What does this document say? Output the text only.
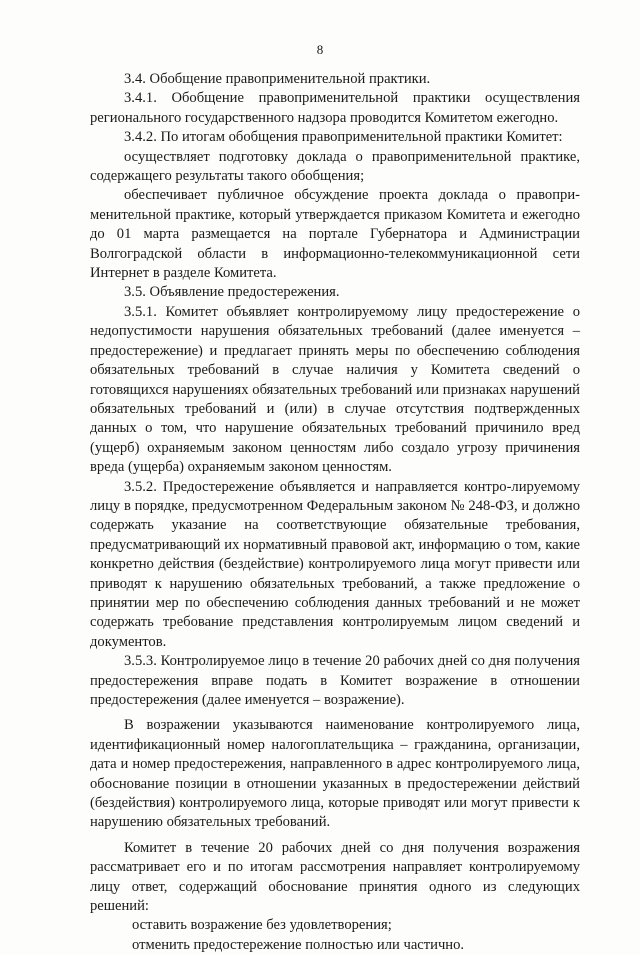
8

3.4. Обобщение правоприменительной практики.

3.4.1. Обобщение правоприменительной практики осуществления регионального государственного надзора проводится Комитетом ежегодно.

3.4.2. По итогам обобщения правоприменительной практики Комитет:

осуществляет подготовку доклада о правоприменительной практике, содержащего результаты такого обобщения;

обеспечивает публичное обсуждение проекта доклада о правопри-менительной практике, который утверждается приказом Комитета и ежегодно до 01 марта размещается на портале Губернатора и Администрации Волгоградской области в информационно-телекоммуникационной сети Интернет в разделе Комитета.

3.5. Объявление предостережения.

3.5.1. Комитет объявляет контролируемому лицу предостережение о недопустимости нарушения обязательных требований (далее именуется – предостережение) и предлагает принять меры по обеспечению соблюдения обязательных требований в случае наличия у Комитета сведений о готовящихся нарушениях обязательных требований или признаках нарушений обязательных требований и (или) в случае отсутствия подтвержденных данных о том, что нарушение обязательных требований причинило вред (ущерб) охраняемым законом ценностям либо создало угрозу причинения вреда (ущерба) охраняемым законом ценностям.

3.5.2. Предостережение объявляется и направляется контро-лируемому лицу в порядке, предусмотренном Федеральным законом № 248-ФЗ, и должно содержать указание на соответствующие обязательные требования, предусматривающий их нормативный правовой акт, информацию о том, какие конкретно действия (бездействие) контролируемого лица могут привести или приводят к нарушению обязательных требований, а также предложение о принятии мер по обеспечению соблюдения данных требований и не может содержать требование представления контролируемым лицом сведений и документов.

3.5.3. Контролируемое лицо в течение 20 рабочих дней со дня получения предостережения вправе подать в Комитет возражение в отношении предостережения (далее именуется – возражение).

В возражении указываются наименование контролируемого лица, идентификационный номер налогоплательщика – гражданина, организации, дата и номер предостережения, направленного в адрес контролируемого лица, обоснование позиции в отношении указанных в предостережении действий (бездействия) контролируемого лица, которые приводят или могут привести к нарушению обязательных требований.

Комитет в течение 20 рабочих дней со дня получения возражения рассматривает его и по итогам рассмотрения направляет контролируемому лицу ответ, содержащий обоснование принятия одного из следующих решений:

оставить возражение без удовлетворения;

отменить предостережение полностью или частично.
